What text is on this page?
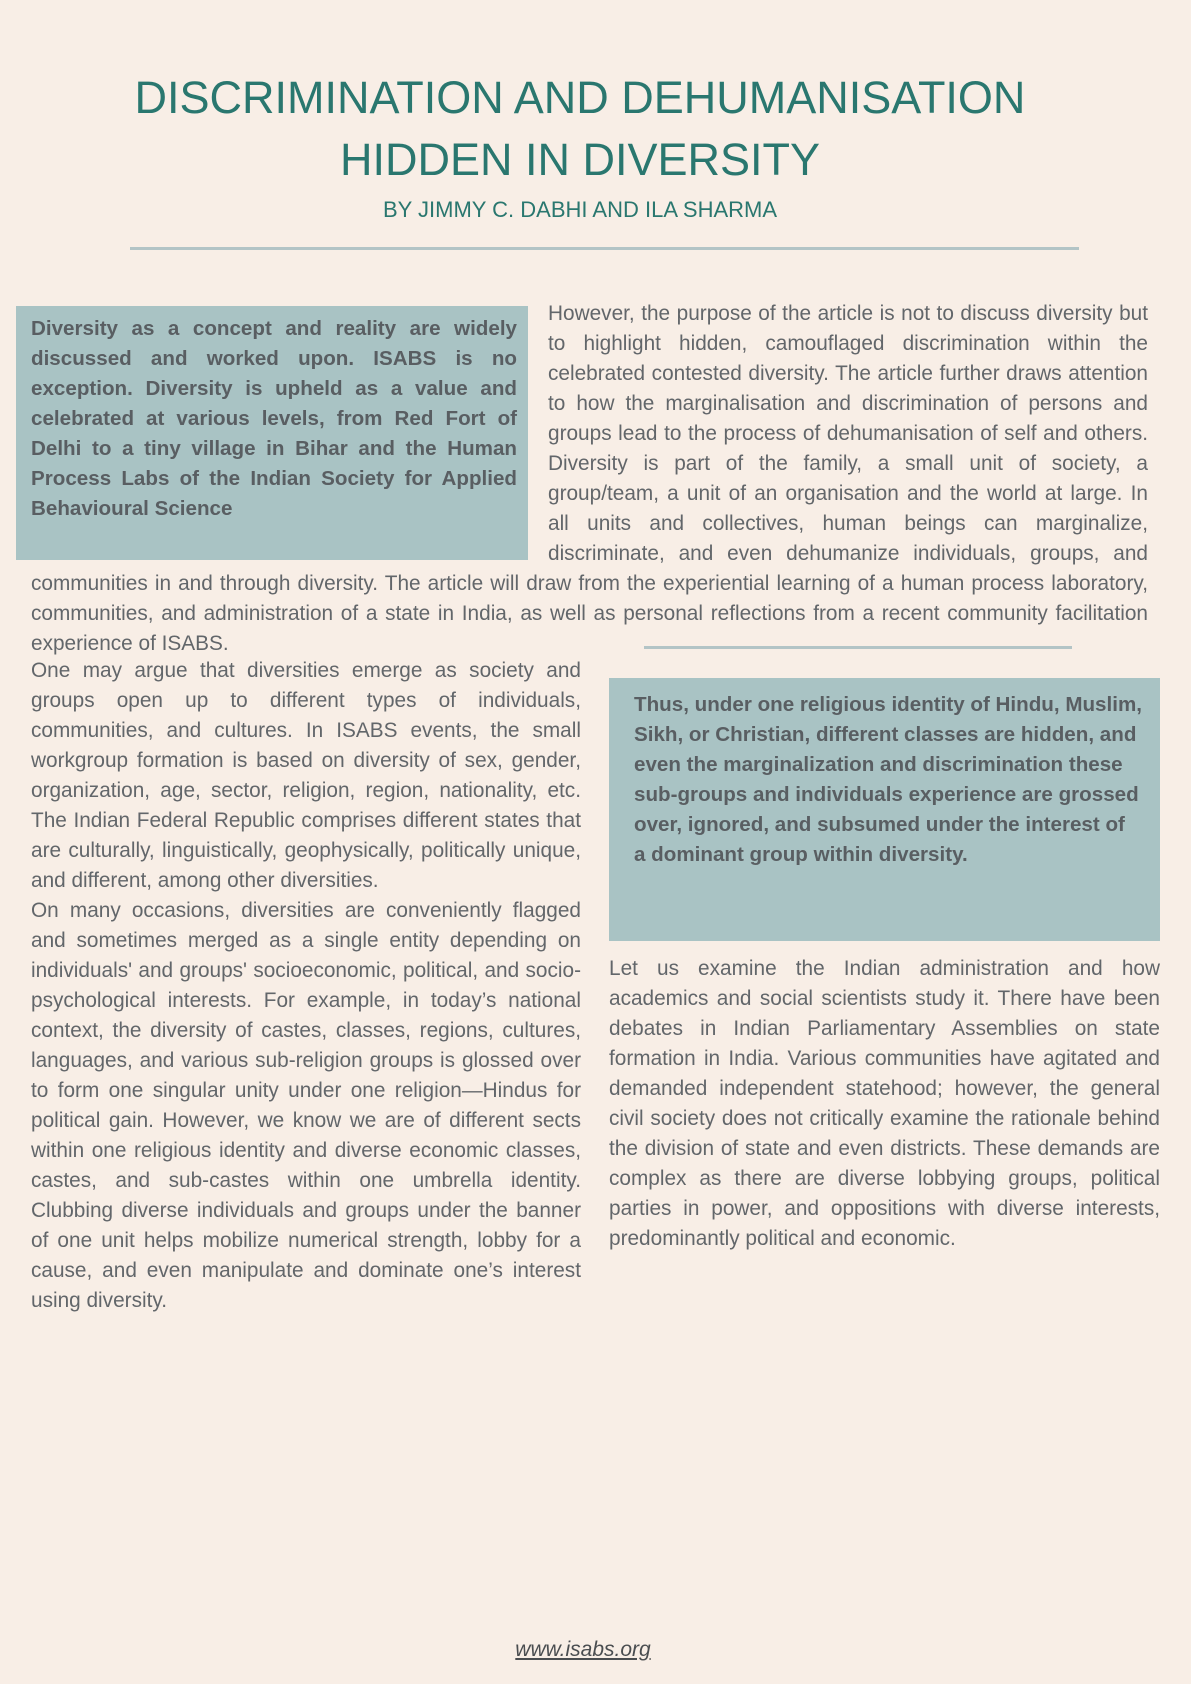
DISCRIMINATION AND DEHUMANISATION
HIDDEN IN DIVERSITY
BY JIMMY C. DABHI AND ILA SHARMA
Diversity as a concept and reality are widely discussed and worked upon. ISABS is no exception. Diversity is upheld as a value and celebrated at various levels, from Red Fort of Delhi to a tiny village in Bihar and the Human Process Labs of the Indian Society for Applied Behavioural Science

However, the purpose of the article is not to discuss diversity but to highlight hidden, camouflaged discrimination within the celebrated contested diversity. The article further draws attention to how the marginalisation and discrimination of persons and groups lead to the process of dehumanisation of self and others. Diversity is part of the family, a small unit of society, a group/team, a unit of an organisation and the world at large. In all units and collectives, human beings can marginalize, discriminate, and even dehumanize individuals, groups, and communities in and through diversity. The article will draw from the experiential learning of a human process laboratory, communities, and administration of a state in India, as well as personal reflections from a recent community facilitation experience of ISABS.

One may argue that diversities emerge as society and groups open up to different types of individuals, communities, and cultures. In ISABS events, the small workgroup formation is based on diversity of sex, gender, organization, age, sector, religion, region, nationality, etc. The Indian Federal Republic comprises different states that are culturally, linguistically, geophysically, politically unique, and different, among other diversities.

On many occasions, diversities are conveniently flagged and sometimes merged as a single entity depending on individuals' and groups' socioeconomic, political, and socio-psychological interests. For example, in today’s national context, the diversity of castes, classes, regions, cultures, languages, and various sub-religion groups is glossed over to form one singular unity under one religion—Hindus for political gain. However, we know we are of different sects within one religious identity and diverse economic classes, castes, and sub-castes within one umbrella identity. Clubbing diverse individuals and groups under the banner of one unit helps mobilize numerical strength, lobby for a cause, and even manipulate and dominate one’s interest using diversity.

Thus, under one religious identity of Hindu, Muslim, Sikh, or Christian, different classes are hidden, and even the marginalization and discrimination these sub-groups and individuals experience are grossed over, ignored, and subsumed under the interest of a dominant group within diversity.

Let us examine the Indian administration and how academics and social scientists study it. There have been debates in Indian Parliamentary Assemblies on state formation in India. Various communities have agitated and demanded independent statehood; however, the general civil society does not critically examine the rationale behind the division of state and even districts. These demands are complex as there are diverse lobbying groups, political parties in power, and oppositions with diverse interests, predominantly political and economic.

www.isabs.org
